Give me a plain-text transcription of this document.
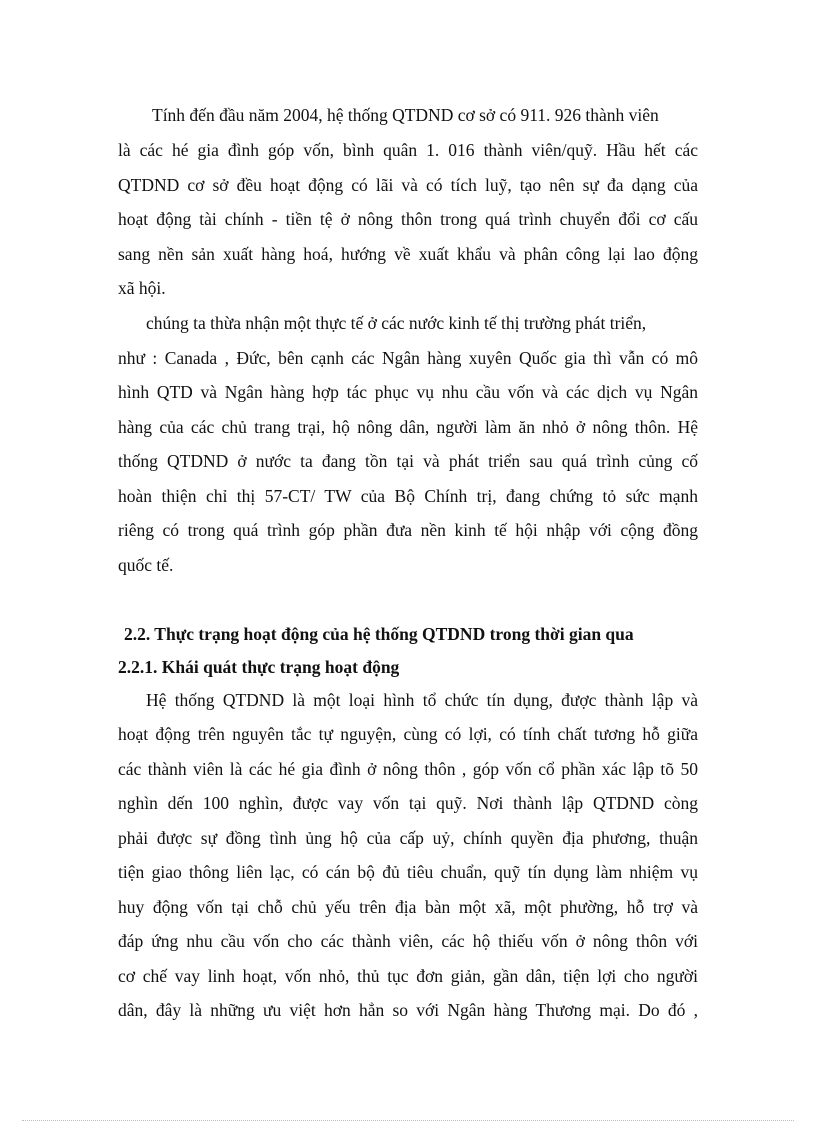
Tính đến đầu năm 2004, hệ thống QTDND cơ sở có 911. 926 thành viên
là các hé gia đình góp vốn, bình quân 1. 016 thành viên/quỹ. Hầu hết các
QTDND cơ sở đều hoạt động có lãi và có tích luỹ, tạo nên sự đa dạng của
hoạt động tài chính - tiền tệ ở nông thôn trong quá trình chuyển đổi cơ cấu
sang nền sản xuất hàng hoá, hướng về xuất khẩu và phân công lại lao động
xã hội.
chúng ta thừa nhận một thực tế ở các nước kinh tế thị trường phát triển,
như : Canada , Đức, bên cạnh các Ngân hàng xuyên Quốc gia thì vẫn có mô
hình QTD và Ngân hàng hợp tác phục vụ nhu cầu vốn và các dịch vụ Ngân
hàng của các chủ trang trại, hộ nông dân, người làm ăn nhỏ ở nông thôn. Hệ
thống QTDND ở nước ta đang tồn tại và phát triển sau quá trình củng cố
hoàn thiện chỉ thị 57-CT/ TW của Bộ Chính trị, đang chứng tỏ sức mạnh
riêng có trong quá trình góp phần đưa nền kinh tế hội nhập với cộng đồng
quốc tế.
2.2. Thực trạng hoạt động của hệ thống QTDND trong thời gian qua
2.2.1. Khái quát thực trạng hoạt động
Hệ thống QTDND là một loại hình tổ chức tín dụng, được thành lập và
hoạt động trên nguyên tắc tự nguyện, cùng có lợi, có tính chất tương hỗ giữa
các thành viên là các hé gia đình ở nông thôn , góp vốn cổ phần xác lập tõ 50
nghìn dến 100 nghìn, được vay vốn tại quỹ. Nơi thành lập QTDND còng
phải được sự đồng tình ủng hộ của cấp uỷ, chính quyền địa phương, thuận
tiện giao thông liên lạc, có cán bộ đủ tiêu chuẩn, quỹ tín dụng làm nhiệm vụ
huy động vốn tại chỗ chủ yếu trên địa bàn một xã, một phường, hỗ trợ và
đáp ứng nhu cầu vốn cho các thành viên, các hộ thiếu vốn ở nông thôn với
cơ chế vay linh hoạt, vốn nhỏ, thủ tục đơn giản, gần dân, tiện lợi cho người
dân, đây là những ưu việt hơn hẳn so với Ngân hàng Thương mại. Do đó ,
